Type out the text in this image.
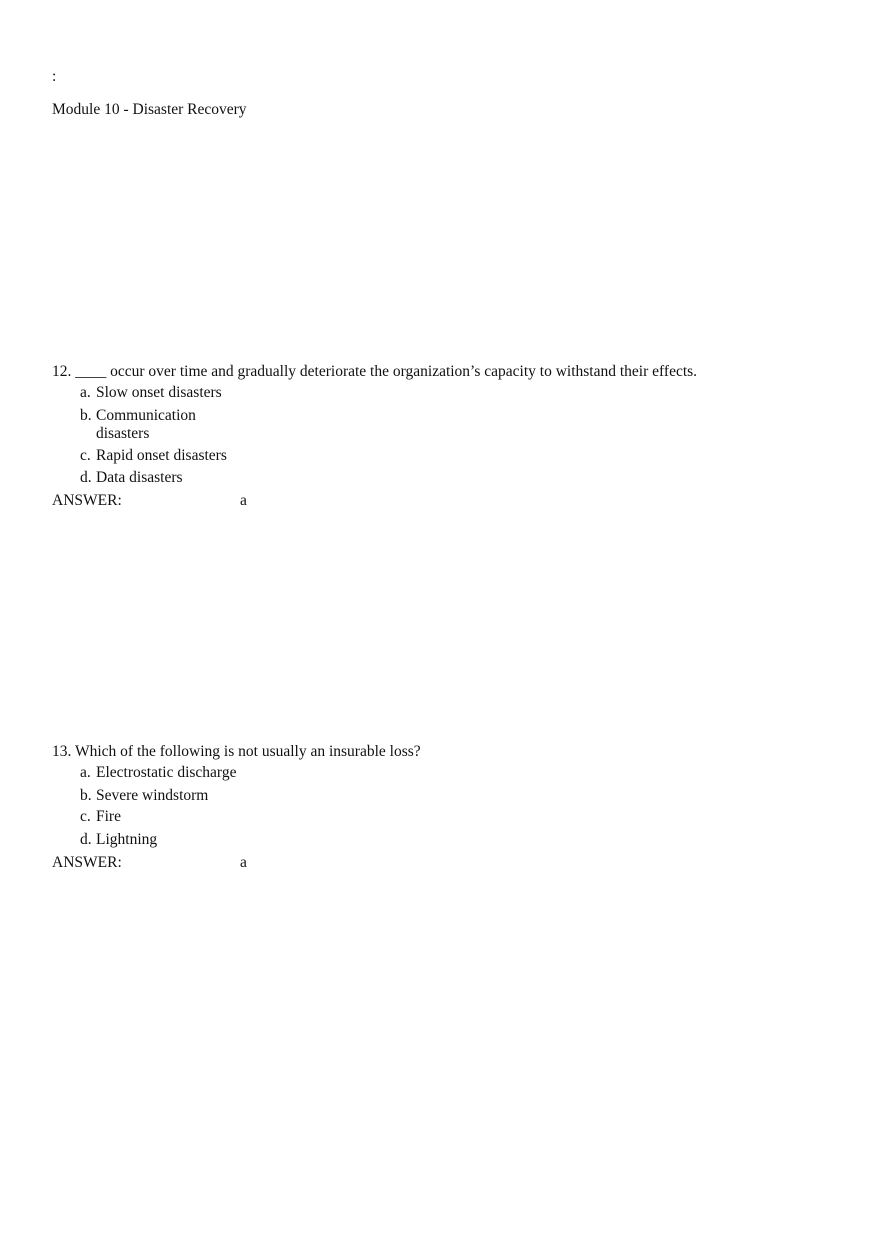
:
Module 10 - Disaster Recovery
12. ____ occur over time and gradually deteriorate the organization’s capacity to withstand their effects.
a. Slow onset disasters
b. Communication disasters
c. Rapid onset disasters
d. Data disasters
ANSWER:	a
13. Which of the following is not usually an insurable loss?
a. Electrostatic discharge
b. Severe windstorm
c. Fire
d. Lightning
ANSWER:	a
